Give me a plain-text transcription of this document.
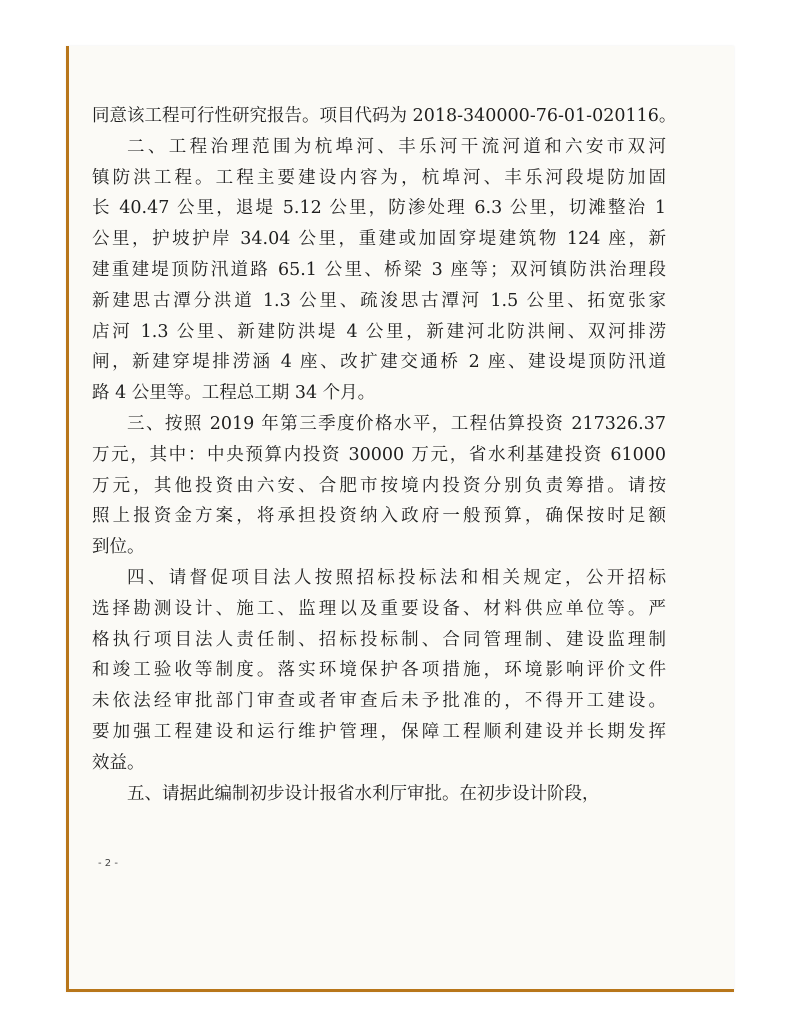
同意该工程可行性研究报告。项目代码为 2018-340000-76-01-020116。
二、工程治理范围为杭埠河、丰乐河干流河道和六安市双河
镇防洪工程。工程主要建设内容为，杭埠河、丰乐河段堤防加固
长 40.47 公里，退堤 5.12 公里，防渗处理 6.3 公里，切滩整治 1
公里，护坡护岸 34.04 公里，重建或加固穿堤建筑物 124 座，新
建重建堤顶防汛道路 65.1 公里、桥梁 3 座等；双河镇防洪治理段
新建思古潭分洪道 1.3 公里、疏浚思古潭河 1.5 公里、拓宽张家
店河 1.3 公里、新建防洪堤 4 公里，新建河北防洪闸、双河排涝
闸，新建穿堤排涝涵 4 座、改扩建交通桥 2 座、建设堤顶防汛道
路 4 公里等。工程总工期 34 个月。
三、按照 2019 年第三季度价格水平，工程估算投资 217326.37
万元，其中：中央预算内投资 30000 万元，省水利基建投资 61000
万元，其他投资由六安、合肥市按境内投资分别负责筹措。请按
照上报资金方案，将承担投资纳入政府一般预算，确保按时足额
到位。
四、请督促项目法人按照招标投标法和相关规定，公开招标
选择勘测设计、施工、监理以及重要设备、材料供应单位等。严
格执行项目法人责任制、招标投标制、合同管理制、建设监理制
和竣工验收等制度。落实环境保护各项措施，环境影响评价文件
未依法经审批部门审查或者审查后未予批准的，不得开工建设。
要加强工程建设和运行维护管理，保障工程顺利建设并长期发挥
效益。
五、请据此编制初步设计报省水利厅审批。在初步设计阶段，
- 2 -
